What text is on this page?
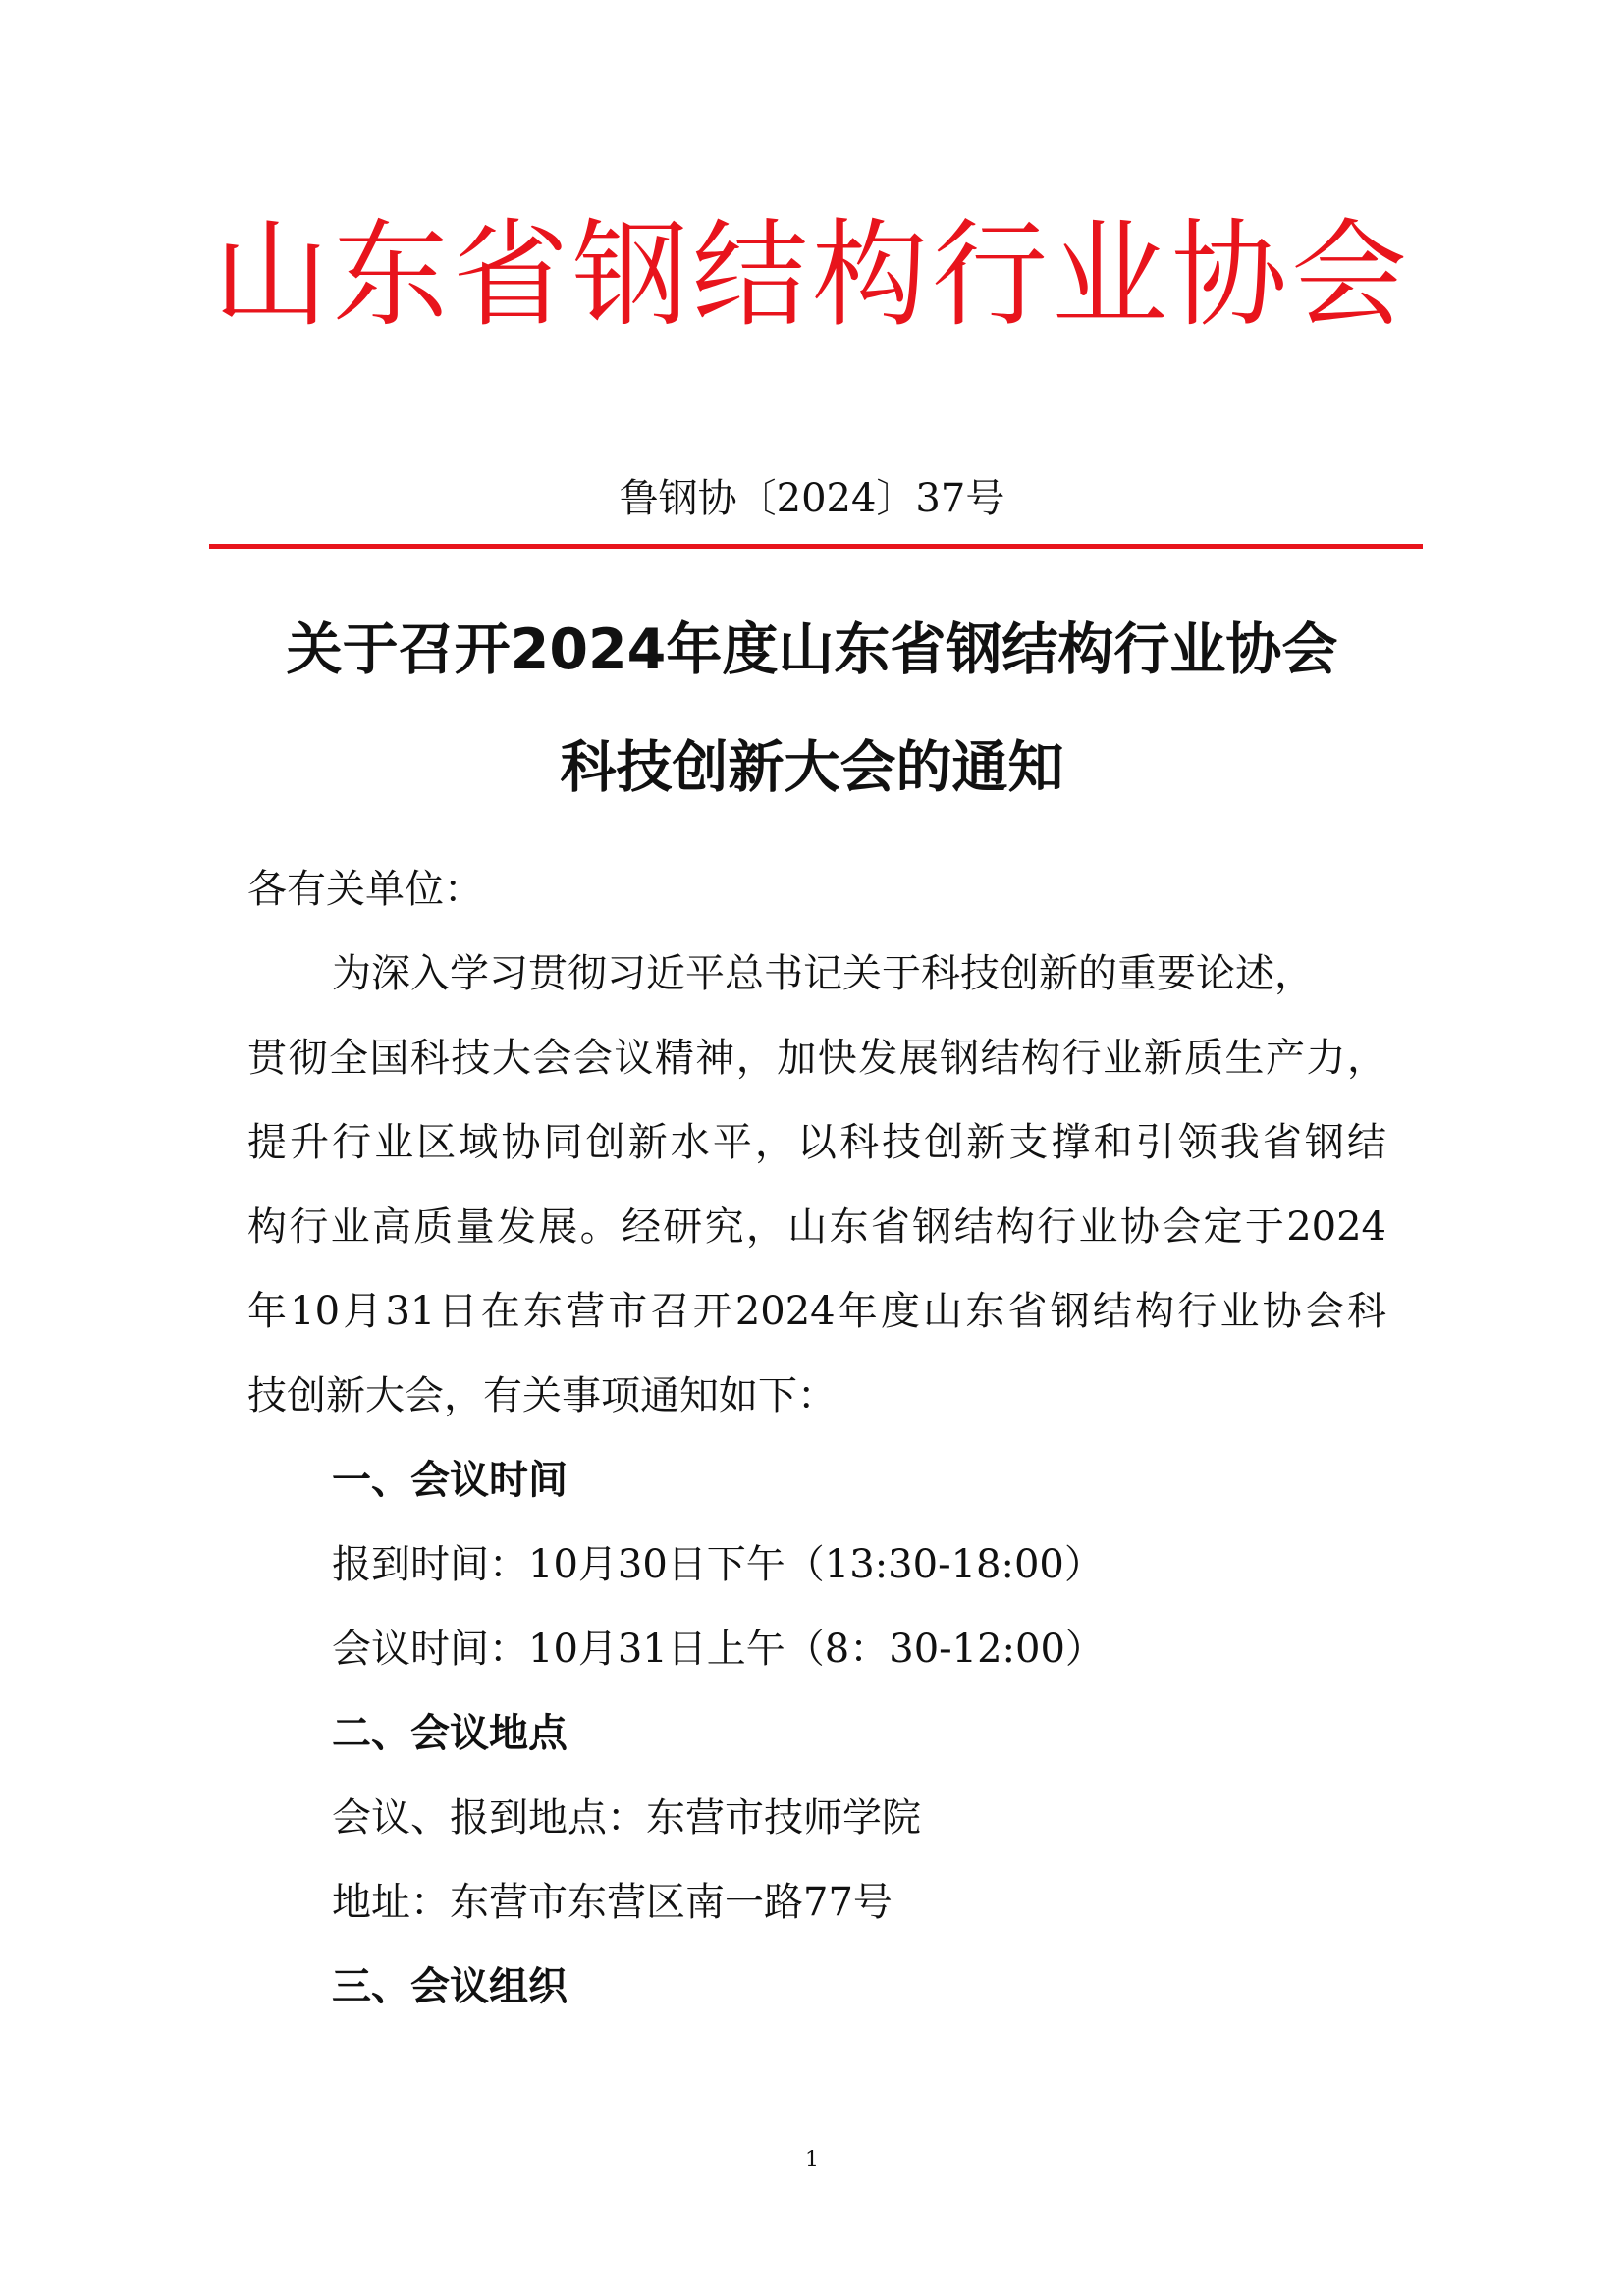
山东省钢结构行业协会
鲁钢协〔2024〕37号
关于召开2024年度山东省钢结构行业协会
科技创新大会的通知
各有关单位：
为深入学习贯彻习近平总书记关于科技创新的重要论述，
贯彻全国科技大会会议精神，加快发展钢结构行业新质生产力，
提升行业区域协同创新水平，以科技创新支撑和引领我省钢结
构行业高质量发展。经研究，山东省钢结构行业协会定于2024
年10月31日在东营市召开2024年度山东省钢结构行业协会科
技创新大会，有关事项通知如下：
一、会议时间
报到时间：10月30日下午（13:30-18:00）
会议时间：10月31日上午（8：30-12:00）
二、会议地点
会议、报到地点：东营市技师学院
地址：东营市东营区南一路77号
三、会议组织
1
